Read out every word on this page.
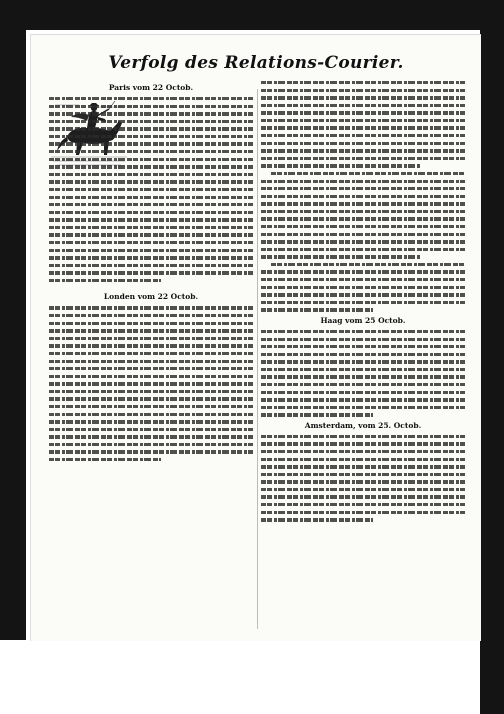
Verfolg des Relations-Courier.
Paris vom 22 Octob.
Londen vom 22 Octob.
Haag vom 25 Octob.
Amsterdam, vom 25. Octob.
